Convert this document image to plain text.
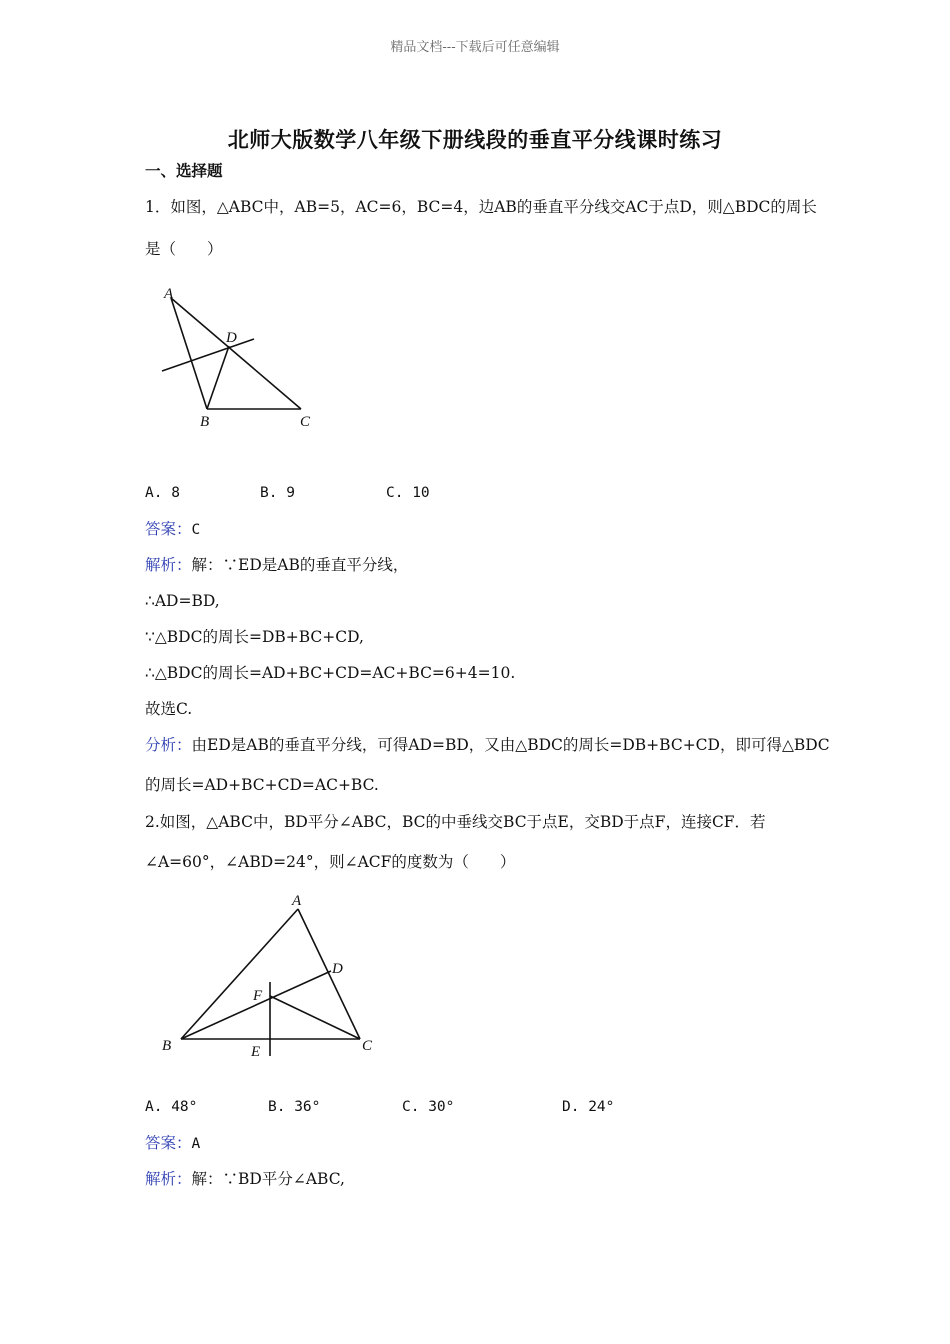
精品文档---下载后可任意编辑

北师大版数学八年级下册线段的垂直平分线课时练习

一、选择题

1．如图，△ABC中，AB=5，AC=6，BC=4，边AB的垂直平分线交AC于点D，则△BDC的周长

是（　　）

A
D
B	C

A. 8	B. 9	C. 10

答案：C

解析：解：∵ED是AB的垂直平分线，

∴AD=BD,

∵△BDC的周长=DB+BC+CD,

∴△BDC的周长=AD+BC+CD=AC+BC=6+4=10.

故选C.

分析：由ED是AB的垂直平分线，可得AD=BD，又由△BDC的周长=DB+BC+CD，即可得△BDC

的周长=AD+BC+CD=AC+BC.

2.如图，△ABC中，BD平分∠ABC，BC的中垂线交BC于点E，交BD于点F，连接CF．若

∠A=60°，∠ABD=24°，则∠ACF的度数为（　　）

A
D
F
B	C
E

A. 48°	B. 36°	C. 30°	D. 24°

答案：A

解析：解：∵BD平分∠ABC,
